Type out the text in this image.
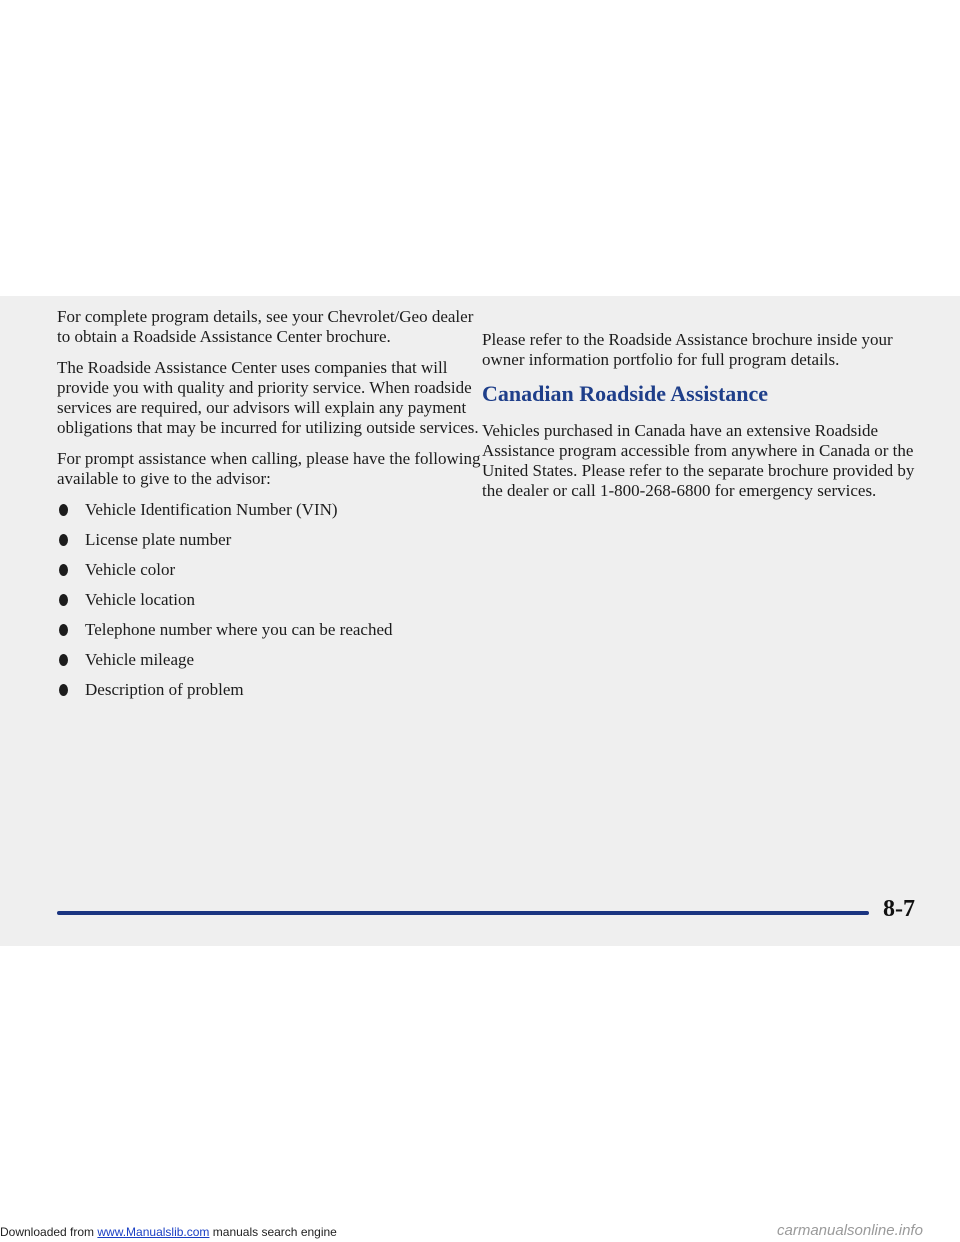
For complete program details, see your Chevrolet/Geo dealer to obtain a Roadside Assistance Center brochure.

The Roadside Assistance Center uses companies that will provide you with quality and priority service. When roadside services are required, our advisors will explain any payment obligations that may be incurred for utilizing outside services.

For prompt assistance when calling, please have the following available to give to the advisor:

Vehicle Identification Number (VIN)
License plate number
Vehicle color
Vehicle location
Telephone number where you can be reached
Vehicle mileage
Description of problem

Please refer to the Roadside Assistance brochure inside your owner information portfolio for full program details.

Canadian Roadside Assistance

Vehicles purchased in Canada have an extensive Roadside Assistance program accessible from anywhere in Canada or the United States. Please refer to the separate brochure provided by the dealer or call 1-800-268-6800 for emergency services.

8-7
Downloaded from www.Manualslib.com manuals search engine	carmanualsonline.info
